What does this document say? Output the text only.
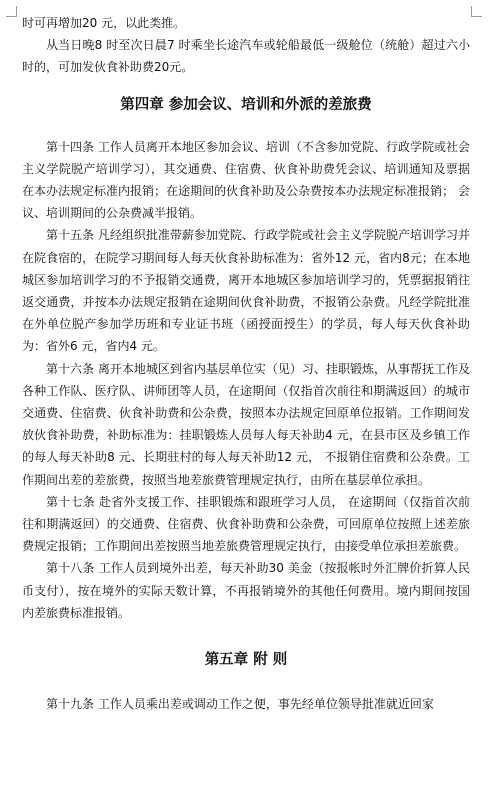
时可再增加20 元，以此类推。

从当日晚8 时至次日晨7 时乘坐长途汽车或轮船最低一级舱位（统舱）超过六小时的，可加发伙食补助费20元。

第四章 参加会议、培训和外派的差旅费

第十四条 工作人员离开本地区参加会议、培训（不含参加党院、行政学院或社会主义学院脱产培训学习），其交通费、住宿费、伙食补助费凭会议、培训通知及票据在本办法规定标准内报销；在途期间的伙食补助及公杂费按本办法规定标准报销； 会议、培训期间的公杂费减半报销。

第十五条 凡经组织批准带薪参加党院、行政学院或社会主义学院脱产培训学习并在院食宿的，在院学习期间每人每天伙食补助标准为：省外12 元，省内8元；在本地城区参加培训学习的不予报销交通费，离开本地城区参加培训学习的，凭票据报销往返交通费，并按本办法规定报销在途期间伙食补助费，不报销公杂费。凡经学院批准在外单位脱产参加学历班和专业证书班（函授面授生）的学员，每人每天伙食补助为：省外6 元，省内4 元。

第十六条 离开本地城区到省内基层单位实（见）习、挂职锻炼，从事帮抚工作及各种工作队、医疗队、讲师团等人员，在途期间（仅指首次前往和期满返回）的城市交通费、住宿费、伙食补助费和公杂费，按照本办法规定回原单位报销。工作期间发放伙食补助费，补助标准为：挂职锻炼人员每人每天补助4 元，在县市区及乡镇工作的每人每天补助8 元、长期驻村的每人每天补助12 元， 不报销住宿费和公杂费。工作期间出差的差旅费，按照当地差旅费管理规定执行，由所在基层单位承担。

第十七条 赴省外支援工作、挂职锻炼和跟班学习人员， 在途期间（仅指首次前往和期满返回）的交通费、住宿费、伙食补助费和公杂费，可回原单位按照上述差旅费规定报销；工作期间出差按照当地差旅费管理规定执行，由接受单位承担差旅费。

第十八条 工作人员到境外出差，每天补助30 美金（按报帐时外汇牌价折算人民币支付），按在境外的实际天数计算，不再报销境外的其他任何费用。境内期间按国内差旅费标准报销。

第五章 附 则

第十九条 工作人员乘出差或调动工作之便，事先经单位领导批准就近回家
